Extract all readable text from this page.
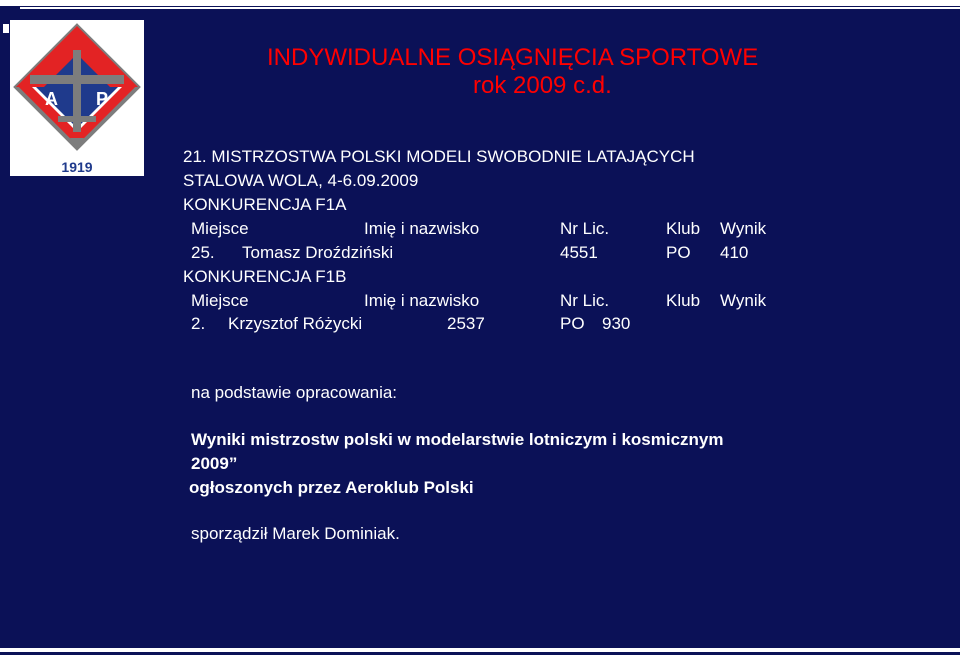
A P
1919
INDYWIDUALNE OSIĄGNIĘCIA SPORTOWE
rok 2009 c.d.
21. MISTRZOSTWA POLSKI MODELI SWOBODNIE LATAJĄCYCH
STALOWA WOLA, 4-6.09.2009
KONKURENCJA F1A
Miejsce	Imię i nazwisko	Nr Lic.	Klub Wynik
25. Tomasz Droździński	4551	PO 410
KONKURENCJA F1B
Miejsce	Imię i nazwisko	Nr Lic.	Klub Wynik
2. Krzysztof Różycki	2537	PO 930
na podstawie opracowania:
Wyniki mistrzostw polski w modelarstwie lotniczym i kosmicznym
2009”
ogłoszonych przez Aeroklub Polski
sporządził Marek Dominiak.
